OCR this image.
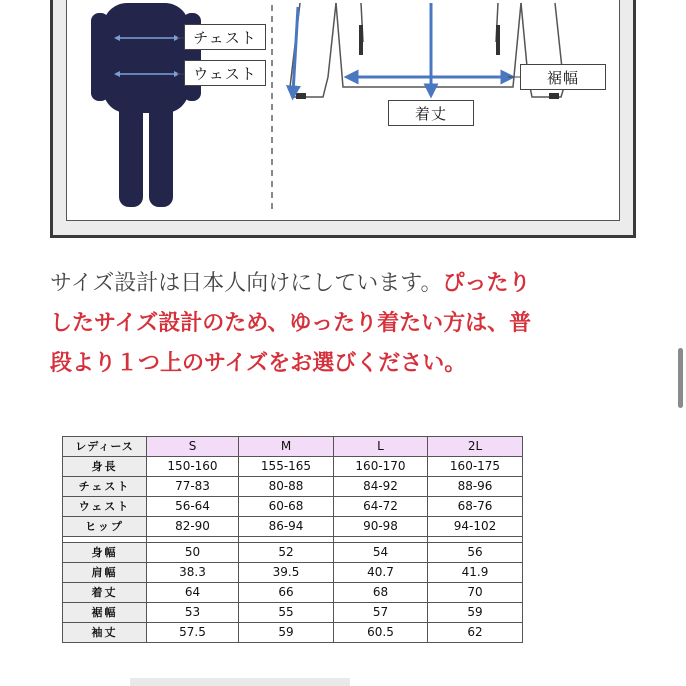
チェスト
ウェスト	裾幅
着丈
サイズ設計は日本人向けにしています。ぴったり
したサイズ設計のため、ゆったり着たい方は、普
段より１つ上のサイズをお選びください。
レディース	S	M	L	2L
身長	150-160	155-165	160-170	160-175
チェスト	77-83	80-88	84-92	88-96
ウェスト	56-64	60-68	64-72	68-76
ヒップ	82-90	86-94	90-98	94-102

身幅	50	52	54	56
肩幅	38.3	39.5	40.7	41.9
着丈	64	66	68	70
裾幅	53	55	57	59
袖丈	57.5	59	60.5	62
